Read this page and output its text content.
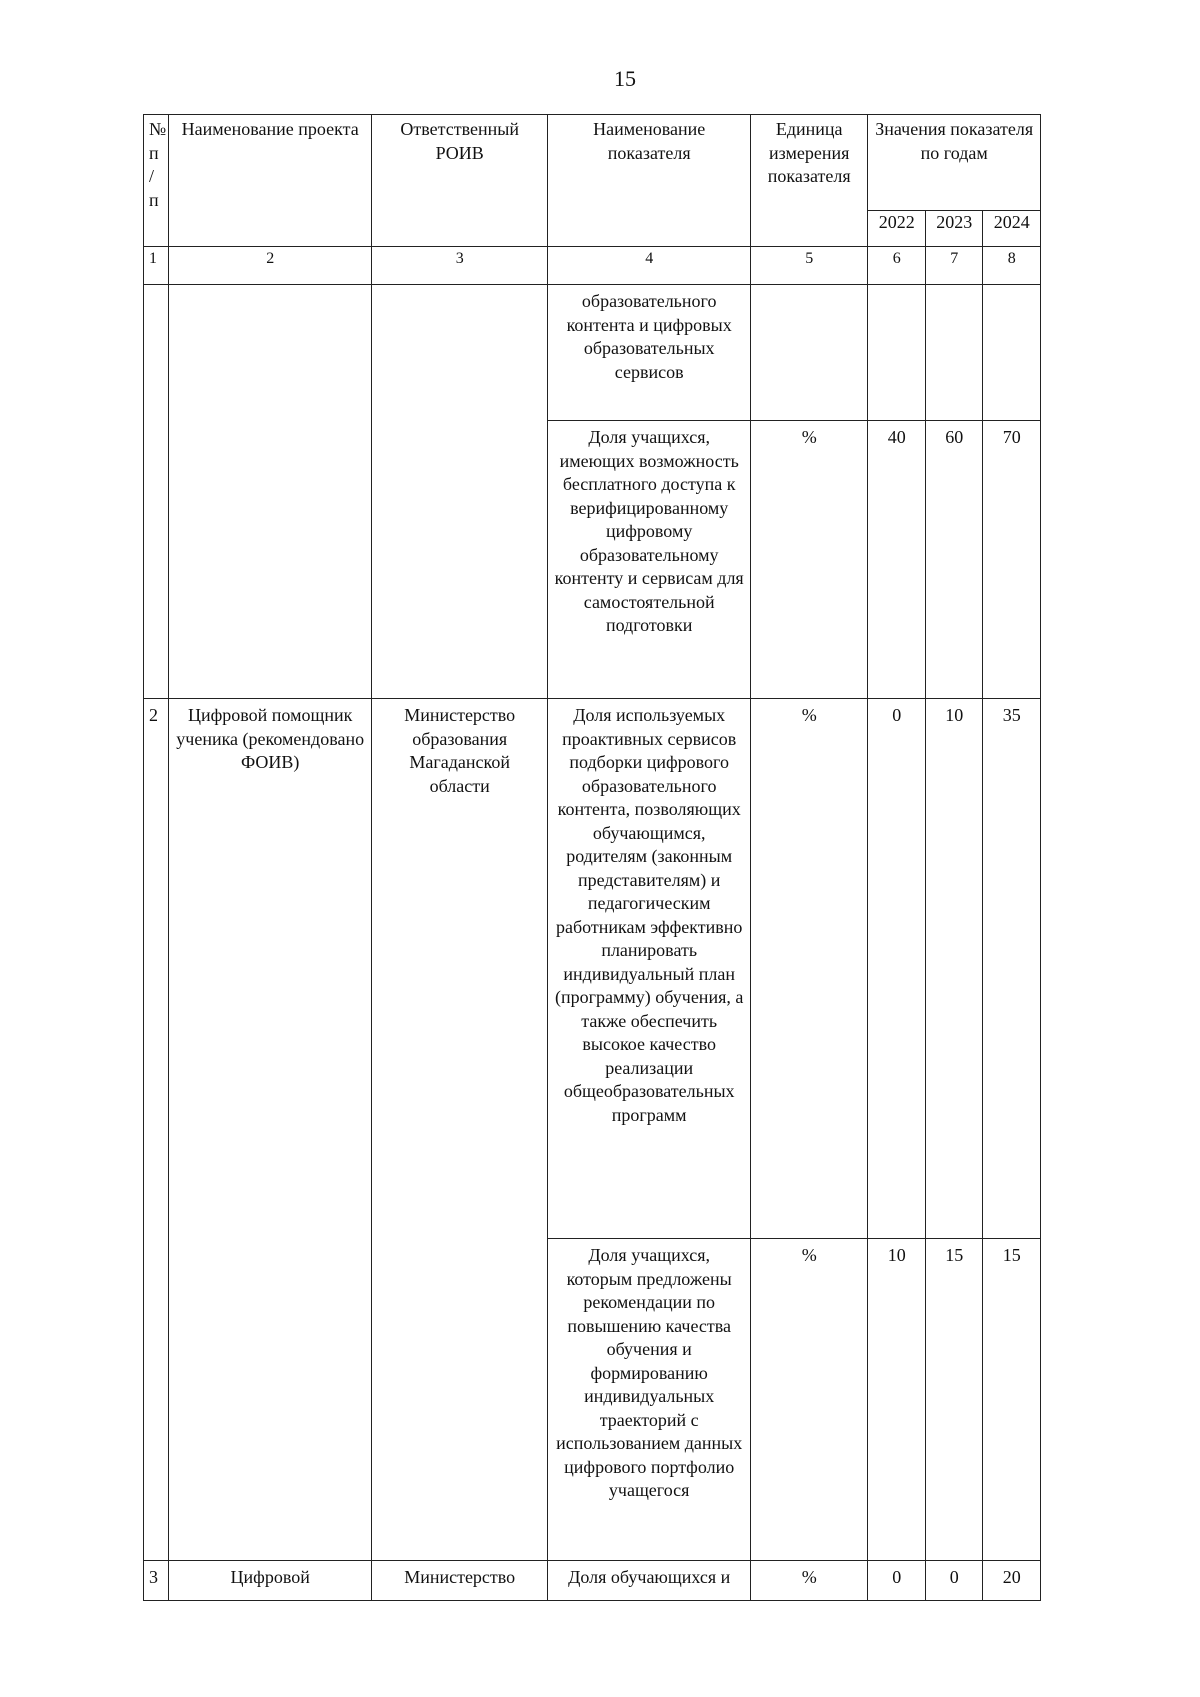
15
№ п / п	Наименование проекта	Ответственный РОИВ	Наименование показателя	Единица измерения показателя	Значения показателя по годам		
					2022	2023	2024
1	2	3	4	5	6	7	8
			образовательного контента и цифровых образовательных сервисов				
			Доля учащихся, имеющих возможность бесплатного доступа к верифицированному цифровому образовательному контенту и сервисам для самостоятельной подготовки	%	40	60	70
2	Цифровой помощник ученика (рекомендовано ФОИВ)	Министерство образования Магаданской области	Доля используемых проактивных сервисов подборки цифрового образовательного контента, позволяющих обучающимся, родителям (законным представителям) и педагогическим работникам эффективно планировать индивидуальный план (программу) обучения, а также обеспечить высокое качество реализации общеобразовательных программ	%	0	10	35
			Доля учащихся, которым предложены рекомендации по повышению качества обучения и формированию индивидуальных траекторий с использованием данных цифрового портфолио учащегося	%	10	15	15
3	Цифровой	Министерство	Доля обучающихся и	%	0	0	20
